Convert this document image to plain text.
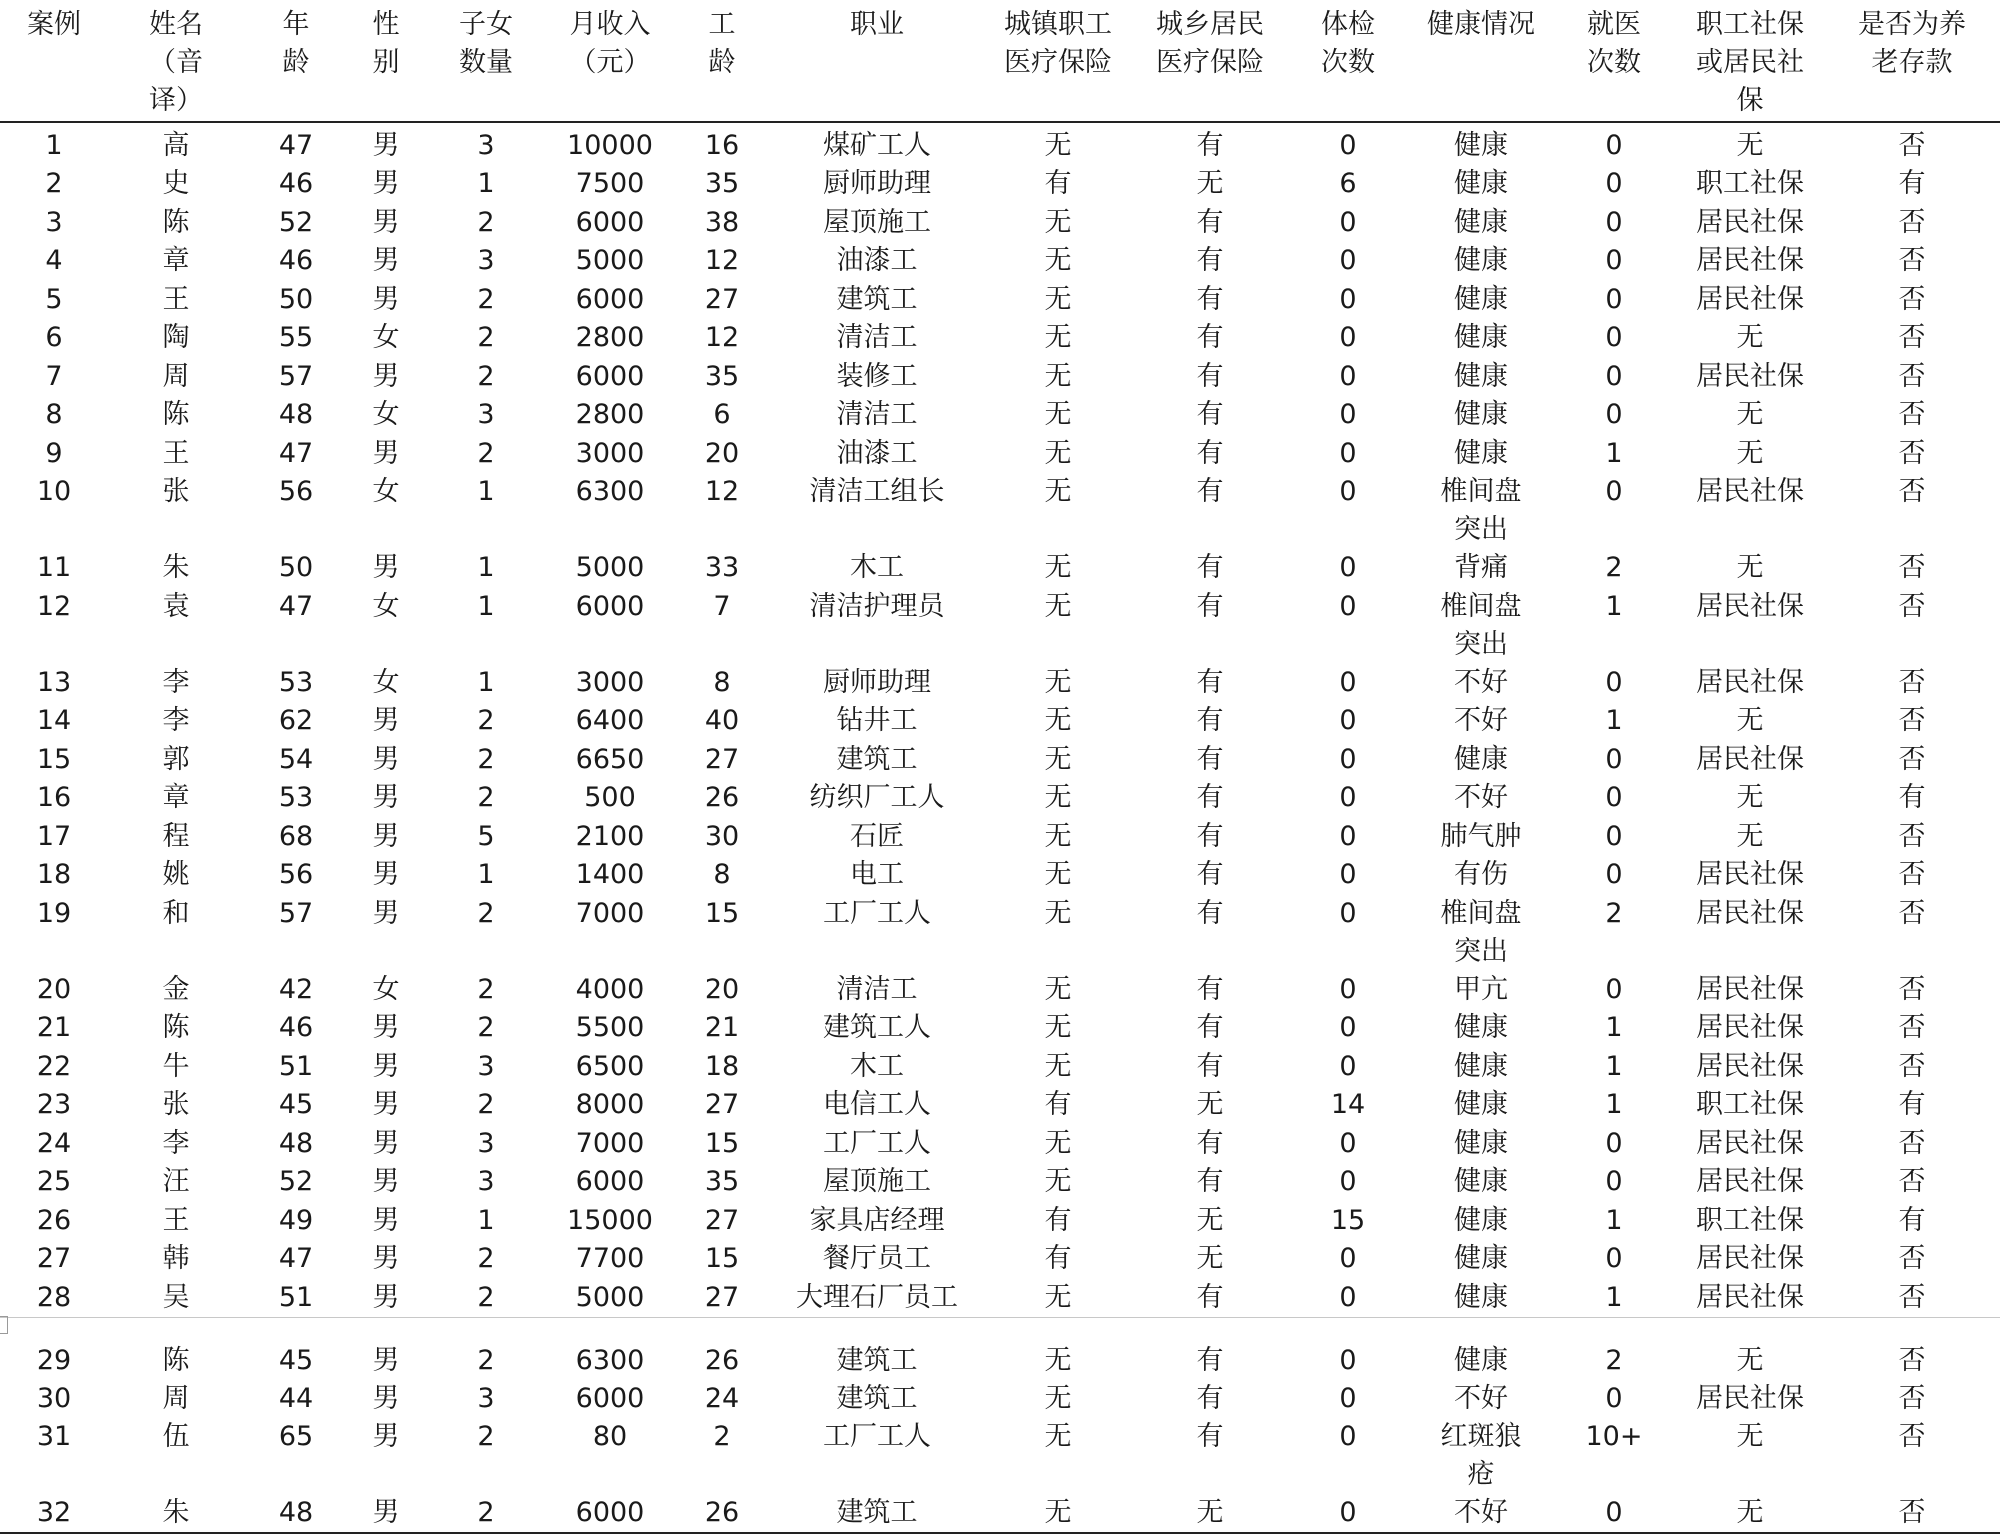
案例	姓名（音译）	年龄	性别	子女数量	月收入（元）	工龄	职业	城镇职工医疗保险	城乡居民医疗保险	体检次数	健康情况	就医次数	职工社保或居民社保	是否为养老存款

1	高	47	男	3	10000	16	煤矿工人	无	有	0	健康	0	无	否

2	史	46	男	1	7500	35	厨师助理	有	无	6	健康	0	职工社保	有

3	陈	52	男	2	6000	38	屋顶施工	无	有	0	健康	0	居民社保	否

4	章	46	男	3	5000	12	油漆工	无	有	0	健康	0	居民社保	否

5	王	50	男	2	6000	27	建筑工	无	有	0	健康	0	居民社保	否

6	陶	55	女	2	2800	12	清洁工	无	有	0	健康	0	无	否

7	周	57	男	2	6000	35	装修工	无	有	0	健康	0	居民社保	否

8	陈	48	女	3	2800	6	清洁工	无	有	0	健康	0	无	否

9	王	47	男	2	3000	20	油漆工	无	有	0	健康	1	无	否

10	张	56	女	1	6300	12	清洁工组长	无	有	0	椎间盘突出	0	居民社保	否

11	朱	50	男	1	5000	33	木工	无	有	0	背痛	2	无	否

12	袁	47	女	1	6000	7	清洁护理员	无	有	0	椎间盘突出	1	居民社保	否

13	李	53	女	1	3000	8	厨师助理	无	有	0	不好	0	居民社保	否

14	李	62	男	2	6400	40	钻井工	无	有	0	不好	1	无	否

15	郭	54	男	2	6650	27	建筑工	无	有	0	健康	0	居民社保	否

16	章	53	男	2	500	26	纺织厂工人	无	有	0	不好	0	无	有

17	程	68	男	5	2100	30	石匠	无	有	0	肺气肿	0	无	否

18	姚	56	男	1	1400	8	电工	无	有	0	有伤	0	居民社保	否

19	和	57	男	2	7000	15	工厂工人	无	有	0	椎间盘突出	2	居民社保	否

20	金	42	女	2	4000	20	清洁工	无	有	0	甲亢	0	居民社保	否

21	陈	46	男	2	5500	21	建筑工人	无	有	0	健康	1	居民社保	否

22	牛	51	男	3	6500	18	木工	无	有	0	健康	1	居民社保	否

23	张	45	男	2	8000	27	电信工人	有	无	14	健康	1	职工社保	有

24	李	48	男	3	7000	15	工厂工人	无	有	0	健康	0	居民社保	否

25	汪	52	男	3	6000	35	屋顶施工	无	有	0	健康	0	居民社保	否

26	王	49	男	1	15000	27	家具店经理	有	无	15	健康	1	职工社保	有

27	韩	47	男	2	7700	15	餐厅员工	有	无	0	健康	0	居民社保	否

28	吴	51	男	2	5000	27	大理石厂员工	无	有	0	健康	1	居民社保	否

29	陈	45	男	2	6300	26	建筑工	无	有	0	健康	2	无	否

30	周	44	男	3	6000	24	建筑工	无	有	0	不好	0	居民社保	否

31	伍	65	男	2	80	2	工厂工人	无	有	0	红斑狼疮	10+	无	否

32	朱	48	男	2	6000	26	建筑工	无	无	0	不好	0	无	否
